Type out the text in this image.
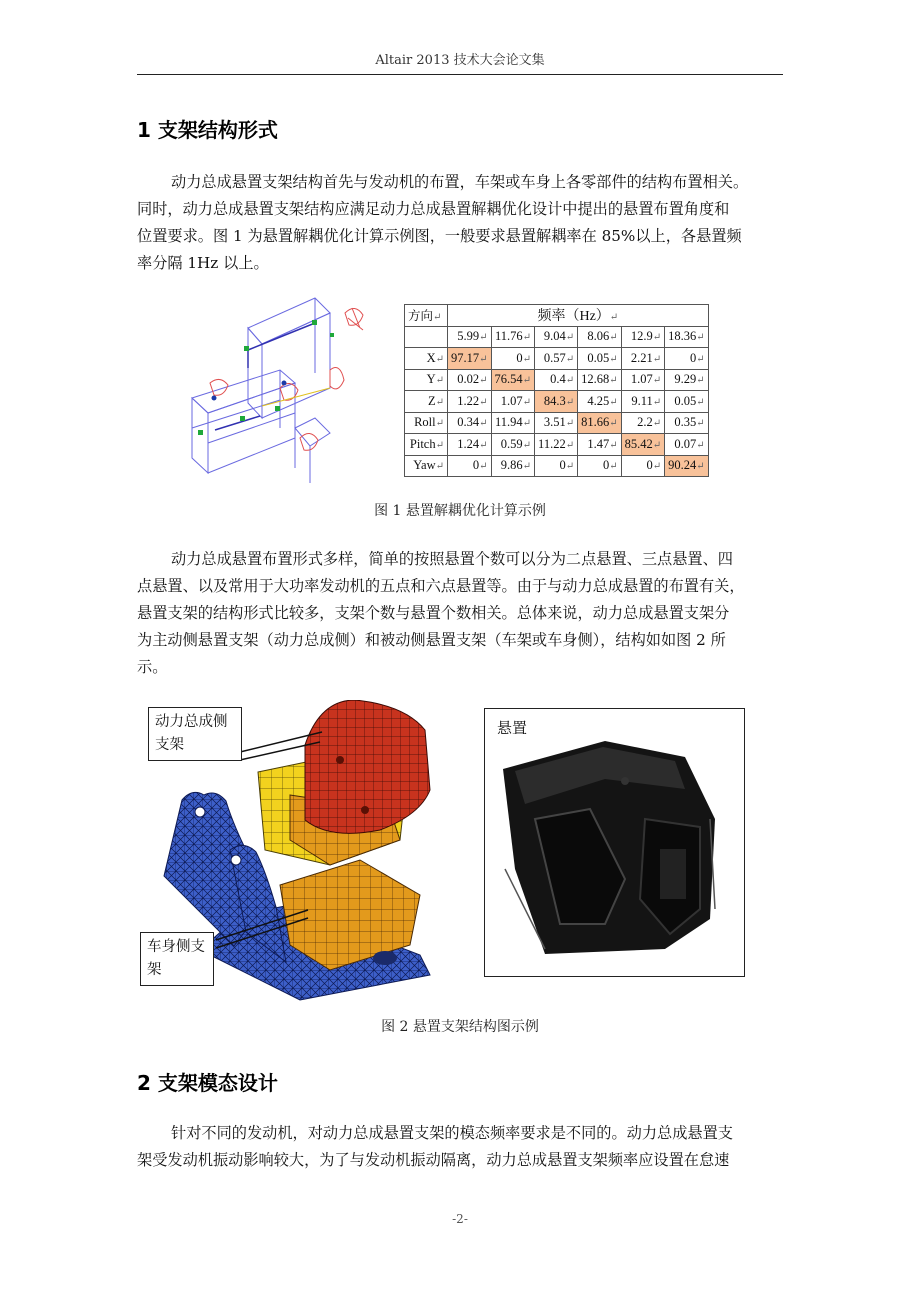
Altair 2013 技术大会论文集
1 支架结构形式
动力总成悬置支架结构首先与发动机的布置，车架或车身上各零部件的结构布置相关。
同时，动力总成悬置支架结构应满足动力总成悬置解耦优化设计中提出的悬置布置角度和
位置要求。图 1 为悬置解耦优化计算示例图，一般要求悬置解耦率在 85%以上，各悬置频
率分隔 1Hz 以上。
方向↵	频率（Hz）↵					
	5.99↵	11.76↵	9.04↵	8.06↵	12.9↵	18.36↵
X↵	97.17↵	0↵	0.57↵	0.05↵	2.21↵	0↵
Y↵	0.02↵	76.54↵	0.4↵	12.68↵	1.07↵	9.29↵
Z↵	1.22↵	1.07↵	84.3↵	4.25↵	9.11↵	0.05↵
Roll↵	0.34↵	11.94↵	3.51↵	81.66↵	2.2↵	0.35↵
Pitch↵	1.24↵	0.59↵	11.22↵	1.47↵	85.42↵	0.07↵
Yaw↵	0↵	9.86↵	0↵	0↵	0↵	90.24↵
图 1 悬置解耦优化计算示例
动力总成悬置布置形式多样，简单的按照悬置个数可以分为二点悬置、三点悬置、四
点悬置、以及常用于大功率发动机的五点和六点悬置等。由于与动力总成悬置的布置有关，
悬置支架的结构形式比较多，支架个数与悬置个数相关。总体来说，动力总成悬置支架分
为主动侧悬置支架（动力总成侧）和被动侧悬置支架（车架或车身侧），结构如如图 2 所
示。
动力总成侧支架
车身侧支架
悬置
图 2 悬置支架结构图示例
2 支架模态设计
针对不同的发动机，对动力总成悬置支架的模态频率要求是不同的。动力总成悬置支
架受发动机振动影响较大，为了与发动机振动隔离，动力总成悬置支架频率应设置在怠速
-2-
